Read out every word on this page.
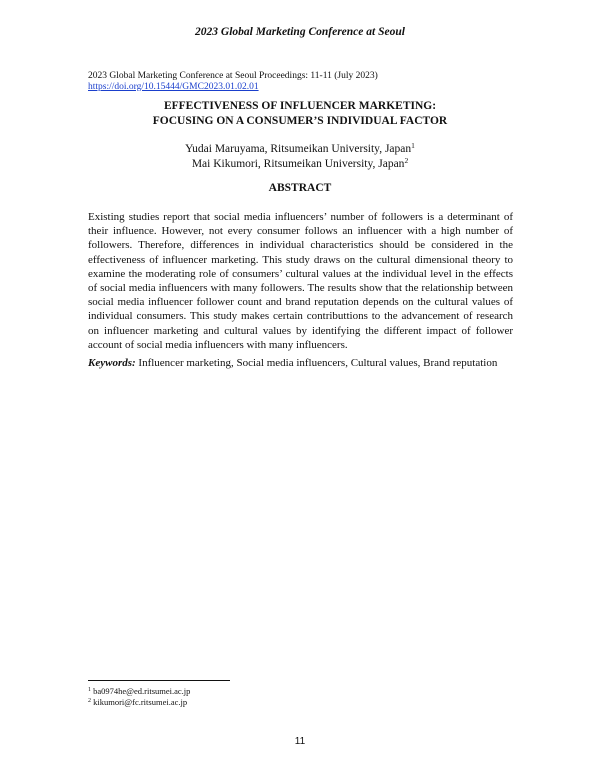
2023 Global Marketing Conference at Seoul
2023 Global Marketing Conference at Seoul Proceedings: 11-11 (July 2023)
https://doi.org/10.15444/GMC2023.01.02.01
EFFECTIVENESS OF INFLUENCER MARKETING:
FOCUSING ON A CONSUMER’S INDIVIDUAL FACTOR
Yudai Maruyama, Ritsumeikan University, Japan$^1$
Mai Kikumori, Ritsumeikan University, Japan$^2$
ABSTRACT
Existing studies report that social media influencers’ number of followers is a determinant of their influence. However, not every consumer follows an influencer with a high number of followers. Therefore, differences in individual characteristics should be considered in the effectiveness of influencer marketing. This study draws on the cultural dimensional theory to examine the moderating role of consumers’ cultural values at the individual level in the effects of social media influencers with many followers. The results show that the relationship between social media influencer follower count and brand reputation depends on the cultural values of individual consumers. This study makes certain contributtions to the advancement of research on influencer marketing and cultural values by identifying the different impact of follower account of social media influencers with many influencers.
Keywords: Influencer marketing, Social media influencers, Cultural values, Brand reputation
$^1$ ba0974he@ed.ritsumei.ac.jp
$^2$ kikumori@fc.ritsumei.ac.jp
11
